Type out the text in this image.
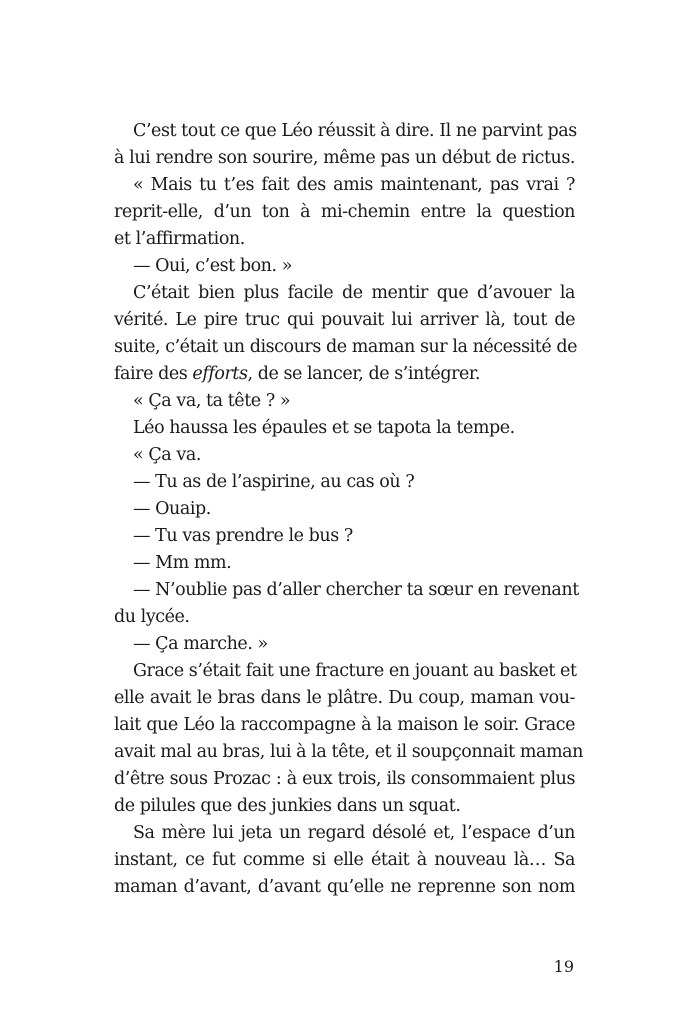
C’est tout ce que Léo réussit à dire. Il ne parvint pas
à lui rendre son sourire, même pas un début de rictus.
« Mais tu t’es fait des amis maintenant, pas vrai ?
reprit-elle, d’un ton à mi-chemin entre la question
et l’affirmation.
— Oui, c’est bon. »
C’était bien plus facile de mentir que d’avouer la
vérité. Le pire truc qui pouvait lui arriver là, tout de
suite, c’était un discours de maman sur la nécessité de
faire des efforts, de se lancer, de s’intégrer.
« Ça va, ta tête ? »
Léo haussa les épaules et se tapota la tempe.
« Ça va.
— Tu as de l’aspirine, au cas où ?
— Ouaip.
— Tu vas prendre le bus ?
— Mm mm.
— N’oublie pas d’aller chercher ta sœur en revenant
du lycée.
— Ça marche. »
Grace s’était fait une fracture en jouant au basket et
elle avait le bras dans le plâtre. Du coup, maman vou-
lait que Léo la raccompagne à la maison le soir. Grace
avait mal au bras, lui à la tête, et il soupçonnait maman
d’être sous Prozac : à eux trois, ils consommaient plus
de pilules que des junkies dans un squat.
Sa mère lui jeta un regard désolé et, l’espace d’un
instant, ce fut comme si elle était à nouveau là… Sa
maman d’avant, d’avant qu’elle ne reprenne son nom
19
